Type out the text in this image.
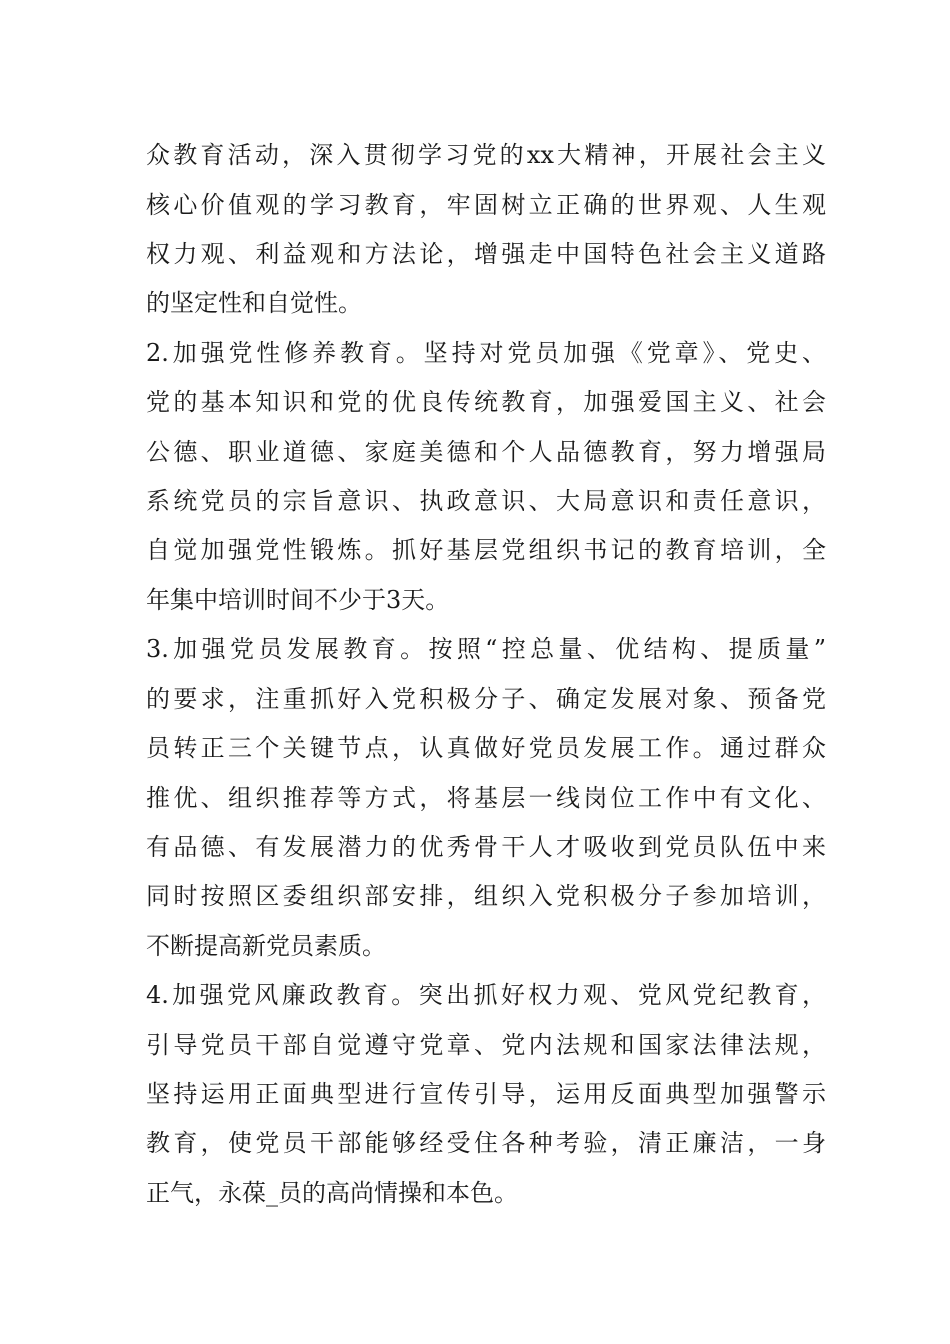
众教育活动，深入贯彻学习党的xx大精神，开展社会主义
核心价值观的学习教育，牢固树立正确的世界观、人生观
权力观、利益观和方法论，增强走中国特色社会主义道路
的坚定性和自觉性。
2.加强党性修养教育。坚持对党员加强《党章》、党史、
党的基本知识和党的优良传统教育，加强爱国主义、社会
公德、职业道德、家庭美德和个人品德教育，努力增强局
系统党员的宗旨意识、执政意识、大局意识和责任意识，
自觉加强党性锻炼。抓好基层党组织书记的教育培训，全
年集中培训时间不少于3天。
3.加强党员发展教育。按照“控总量、优结构、提质量”
的要求，注重抓好入党积极分子、确定发展对象、预备党
员转正三个关键节点，认真做好党员发展工作。通过群众
推优、组织推荐等方式，将基层一线岗位工作中有文化、
有品德、有发展潜力的优秀骨干人才吸收到党员队伍中来
同时按照区委组织部安排，组织入党积极分子参加培训，
不断提高新党员素质。
4.加强党风廉政教育。突出抓好权力观、党风党纪教育，
引导党员干部自觉遵守党章、党内法规和国家法律法规，
坚持运用正面典型进行宣传引导，运用反面典型加强警示
教育，使党员干部能够经受住各种考验，清正廉洁，一身
正气，永葆_员的高尚情操和本色。
